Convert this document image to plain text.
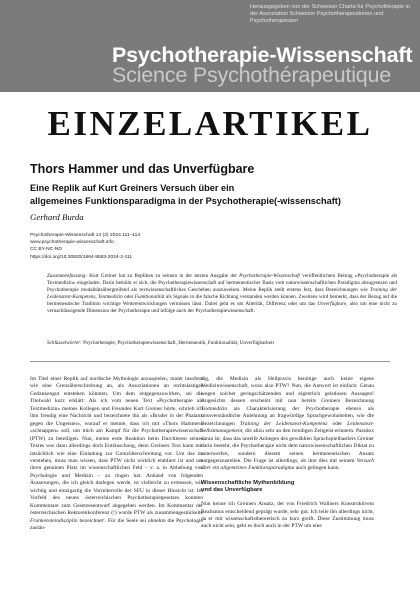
Herausgegeben von der Schweizer Charta für Psychotherapie in der Assoziation Schweizer Psychotherapeutinnen und Psychotherapeuten
Psychotherapie-Wissenschaft
Science Psychothérapeutique
EINZELARTIKEL
Thors Hammer und das Unverfügbare
Eine Replik auf Kurt Greiners Versuch über ein
allgemeines Funktionsparadigma in der Psychotherapie(-wissenschaft)
Gerhard Burda
Psychotherapie-Wissenschaft 14 (2) 2024 111–114
www.psychotherapie-wissenschaft.info
CC BY-NC-ND
https://doi.org/10.30820/1664-9583-2024-2-111
Zusammenfassung: Kurt Greiner hat zu Repliken zu seinem in der letzten Ausgabe der Psychotherapie-Wissenschaft veröffentlichten Beitrag «Psychotherapie als Textmedizin» eingeladen. Darin bemüht er sich, die Psychotherapiewissenschaft auf hermeneutischer Basis vom naturwissenschaftlichen Paradigma abzugrenzen und Psychotherapie modalitätsübergreifend als textwissenschaftliches Geschehen auszuweisen. Meine Replik stellt erstens fest, dass Bezeichnungen wie Training der Leidenstext-Kompetenz, Textmedizin oder Funktionalität als Signale in die falsche Richtung verstanden werden können. Zweitens wird bemerkt, dass der Bezug auf die hermeneutische Tradition wichtige Weiterentwicklungen vermissen lässt. Dabei geht es um Alterität, Differenz oder um das Unverfügbare, also um eine nicht zu vernachlässigende Dimension der Psychotherapie und infolge auch der Psychotherapiewissenschaft.
Schlüsselwörter: Psychotherapie, Psychotherapiewissenschaft, Hermeneutik, Funktionalität, Unverfügbarkeit

Im Titel einer Replik auf nordische Mythologie anzuspielen, mutet insofern wie eine Grenzüberschreitung an, als Assoziationen an rechtslastiges Gedankengut entstehen könnten. Um dem entgegenzuwirken, sei die Titelwahl kurz erklärt: Als ich vom neuen Text «Psychotherapie als Textmedizin» meines Kollegen und Freundes Kurt Greiner hörte, schrieb ich ihm freudig eine Nachricht und bezeichnete ihn als «Bruder in der Phalanx gegen die Ungeister», worauf er meinte, dass ich mit «Thors Hammer» «schnappen» soll, um mich am Kampf für die Psychotherapiewissenschaft (PTW) zu beteiligen. Nun, meine erste Reaktion beim Durchlesen seines Textes war dann allerdings doch Enttäuschung, denn Greiners Text kann mir tatsächlich wie eine Einladung zur Grenzüberschreitung vor. Um das zu verstehen, muss man wissen, dass PTW nicht wirklich etabliert ist und um ihren genuinen Platz im wissenschaftlichen Feld – v. a. in Abhebung von Psychologie und Medizin – zu ringen hat. Anhand von folgenden Äusserungen, die ich gleich darlegen werde, ist vielleicht zu ermessen, wie wichtig und einzigartig die Vorreiterrolle der SFU in dieser Hinsicht ist: Im Vorfeld des neuen österreichischen Psychotherapiegesetzes konnten Kommentare zum Gesetzesentwurf abgegeben werden. Im Kommentar der österreichischen Rektorenkonferenz (!) wurde PTW als zusammengestückelte Frankensteindisziplin bezeichnet¹. Für die Seele sei ohnehin die Psychologie zustän-

dig, die Medizin als Heilpraxis benötige auch keine eigene Medizinwissenschaft, wozu also PTW? Nun, die Antwort ist einfach: Genau wegen solcher geringschätzenden und eigentlich geistlosen Aussagen! Angesichts dessen erscheint mir nun bereits Greiners Bezeichnung Textmedizin als Charakterisierung der Psychotherapie ebenso als missverständliche Anlehnung an fragwürdige Sprachgewohnheiten, wie die Bezeichnungen Training der Leidenstext-Kompetenz oder Leidenstext-Selbstmanagement, die allzu sehr an den trendigen Zeitgeist erinnern. Paradox daran ist, dass das unreife Anliegen des gewählten Sprachspielbastlers Greiner darin besteht, die Psychotherapie nicht dem naturwissenschaftlichen Diktat zu unterwerfen, sondern diesem seinen hermeneutischen Ansatz entgegenzustellen. Die Frage ist allerdings, ob ihm dies mit seinem Versuch über ein allgemeines Funktionsparadigma auch gelingen kann.

Wissenschaftliche Mythenbildung
und das Unverfügbare

Nun kenne ich Greiners Ansatz, der von Friedrich Wallners Konstruktivem Realismus entscheidend geprägt wurde, sehr gut. Ich teile ihn allerdings nicht, da er mir wissenschaftstheoretisch zu kurz greift. Diese Zustimmung muss auch nicht sein, geht es doch auch in der PTW um eine
